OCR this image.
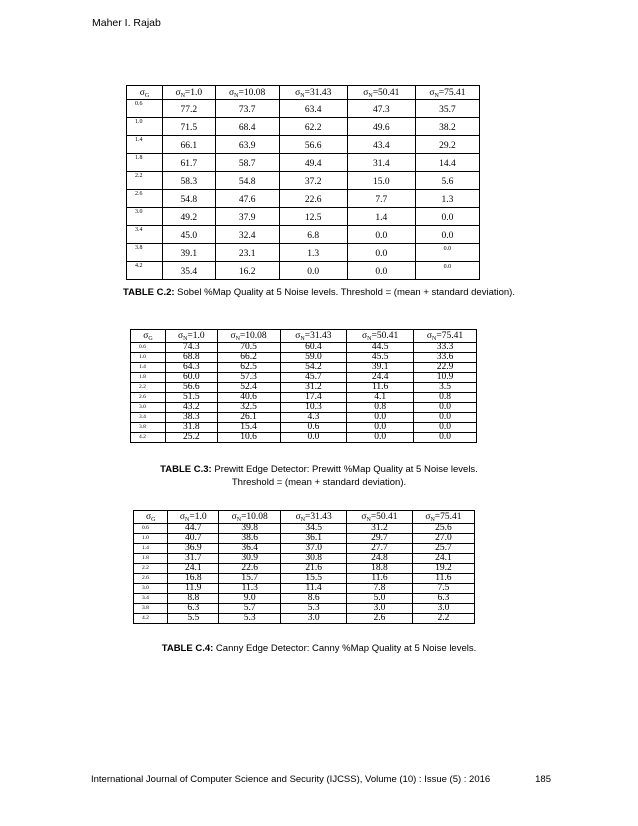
Maher I. Rajab
$\sigma_G$	$\sigma_N=1.0$	$\sigma_N=10.08$	$\sigma_N=31.43$	$\sigma_N=50.41$	$\sigma_N=75.41$
0.6	77.2	73.7	63.4	47.3	35.7
1.0	71.5	68.4	62.2	49.6	38.2
1.4	66.1	63.9	56.6	43.4	29.2
1.8	61.7	58.7	49.4	31.4	14.4
2.2	58.3	54.8	37.2	15.0	5.6
2.6	54.8	47.6	22.6	7.7	1.3
3.0	49.2	37.9	12.5	1.4	0.0
3.4	45.0	32.4	6.8	0.0	0.0
3.8	39.1	23.1	1.3	0.0	0.0
4.2	35.4	16.2	0.0	0.0	0.0
TABLE C.2: Sobel %Map Quality at 5 Noise levels. Threshold = (mean + standard deviation).
$\sigma_G$	$\sigma_N=1.0$	$\sigma_N=10.08$	$\sigma_N=31.43$	$\sigma_N=50.41$	$\sigma_N=75.41$
0.6	74.3	70.5	60.4	44.5	33.3
1.0	68.8	66.2	59.0	45.5	33.6
1.4	64.3	62.5	54.2	39.1	22.9
1.8	60.0	57.3	45.7	24.4	10.9
2.2	56.6	52.4	31.2	11.6	3.5
2.6	51.5	40.6	17.4	4.1	0.8
3.0	43.2	32.5	10.3	0.8	0.0
3.4	38.3	26.1	4.3	0.0	0.0
3.8	31.8	15.4	0.6	0.0	0.0
4.2	25.2	10.6	0.0	0.0	0.0
TABLE C.3: Prewitt Edge Detector: Prewitt %Map Quality at 5 Noise levels.
Threshold = (mean + standard deviation).
$\sigma_G$	$\sigma_N=1.0$	$\sigma_N=10.08$	$\sigma_N=31.43$	$\sigma_N=50.41$	$\sigma_N=75.41$
0.6	44.7	39.8	34.5	31.2	25.6
1.0	40.7	38.6	36.1	29.7	27.0
1.4	36.9	36.4	37.0	27.7	25.7
1.8	31.7	30.9	30.8	24.8	24.1
2.2	24.1	22.6	21.6	18.8	19.2
2.6	16.8	15.7	15.5	11.6	11.6
3.0	11.9	11.3	11.4	7.8	7.5
3.4	8.8	9.0	8.6	5.0	6.3
3.8	6.3	5.7	5.3	3.0	3.0
4.2	5.5	5.3	3.0	2.6	2.2
TABLE C.4: Canny Edge Detector: Canny %Map Quality at 5 Noise levels.
International Journal of Computer Science and Security (IJCSS), Volume (10) : Issue (5) : 2016	185
